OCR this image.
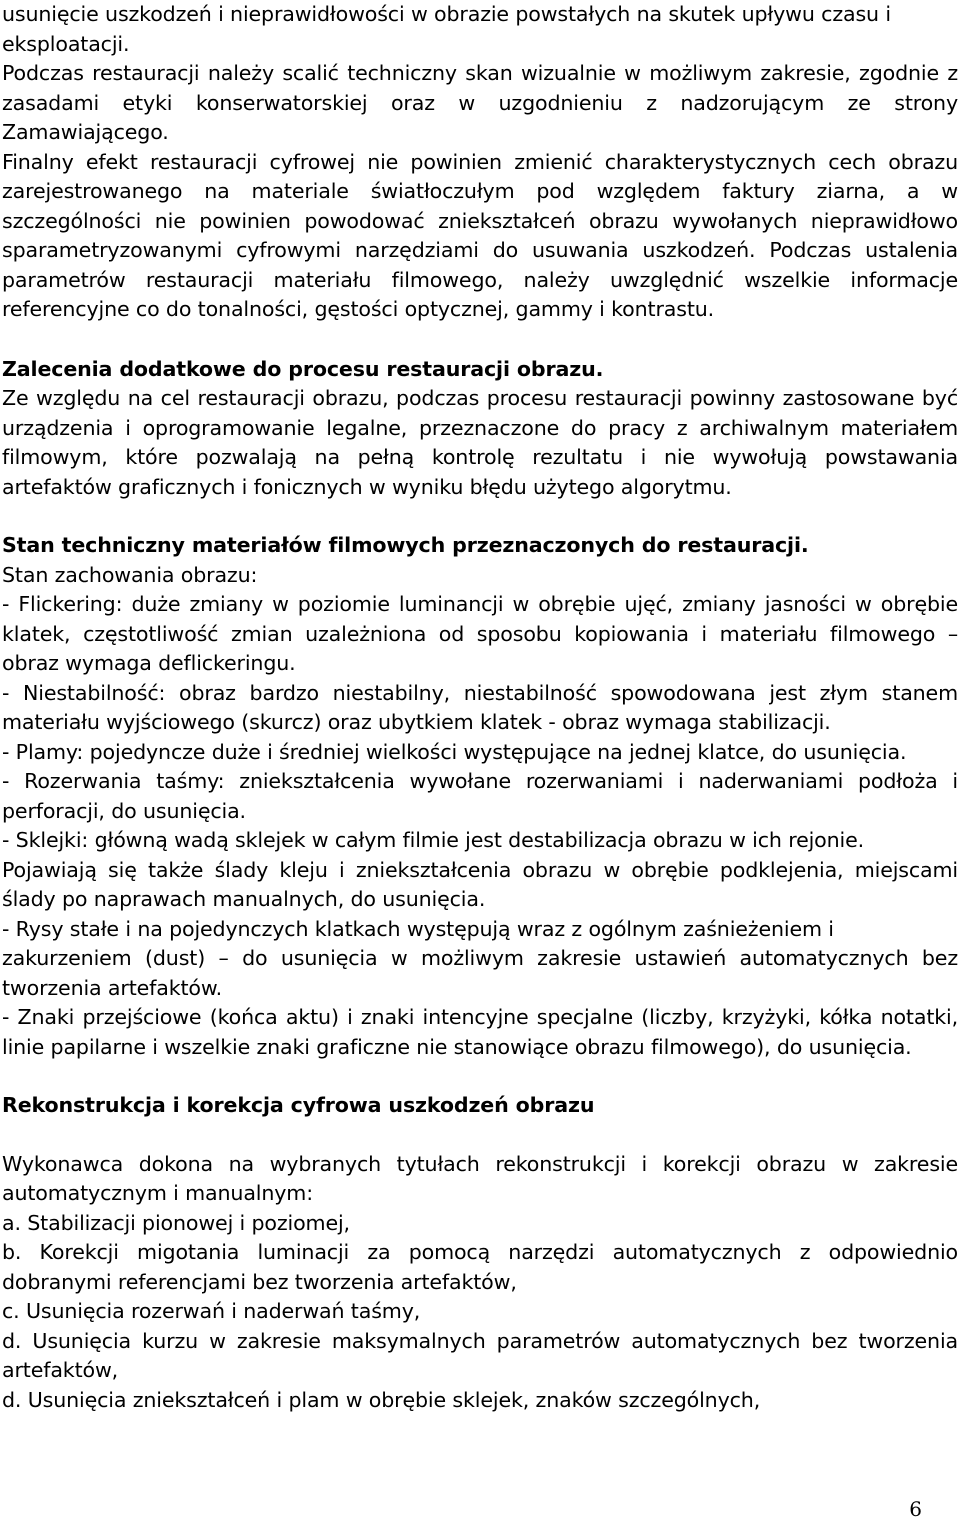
usunięcie uszkodzeń i nieprawidłowości w obrazie powstałych na skutek upływu czasu i eksploatacji.

Podczas restauracji należy scalić techniczny skan wizualnie w możliwym zakresie, zgodnie z zasadami etyki konserwatorskiej oraz w uzgodnieniu z nadzorującym ze strony Zamawiającego.

Finalny efekt restauracji cyfrowej nie powinien zmienić charakterystycznych cech obrazu zarejestrowanego na materiale światłoczułym pod względem faktury ziarna, a w szczególności nie powinien powodować zniekształceń obrazu wywołanych nieprawidłowo sparametryzowanymi cyfrowymi narzędziami do usuwania uszkodzeń. Podczas ustalenia parametrów restauracji materiału filmowego, należy uwzględnić wszelkie informacje referencyjne co do tonalności, gęstości optycznej, gammy i kontrastu.

Zalecenia dodatkowe do procesu restauracji obrazu.

Ze względu na cel restauracji obrazu, podczas procesu restauracji powinny zastosowane być urządzenia i oprogramowanie legalne, przeznaczone do pracy z archiwalnym materiałem filmowym, które pozwalają na pełną kontrolę rezultatu i nie wywołują powstawania artefaktów graficznych i fonicznych w wyniku błędu użytego algorytmu.

Stan techniczny materiałów filmowych przeznaczonych do restauracji.

Stan zachowania obrazu:

- Flickering: duże zmiany w poziomie luminancji w obrębie ujęć, zmiany jasności w obrębie klatek, częstotliwość zmian uzależniona od sposobu kopiowania i materiału filmowego – obraz wymaga deflickeringu.

- Niestabilność: obraz bardzo niestabilny, niestabilność spowodowana jest złym stanem materiału wyjściowego (skurcz) oraz ubytkiem klatek - obraz wymaga stabilizacji.

- Plamy: pojedyncze duże i średniej wielkości występujące na jednej klatce, do usunięcia.

- Rozerwania taśmy: zniekształcenia wywołane rozerwaniami i naderwaniami podłoża i perforacji, do usunięcia.

- Sklejki: główną wadą sklejek w całym filmie jest destabilizacja obrazu w ich rejonie.

Pojawiają się także ślady kleju i zniekształcenia obrazu w obrębie podklejenia, miejscami ślady po naprawach manualnych, do usunięcia.

- Rysy stałe i na pojedynczych klatkach występują wraz z ogólnym zaśnieżeniem i

zakurzeniem (dust) – do usunięcia w możliwym zakresie ustawień automatycznych bez tworzenia artefaktów.

- Znaki przejściowe (końca aktu) i znaki intencyjne specjalne (liczby, krzyżyki, kółka notatki, linie papilarne i wszelkie znaki graficzne nie stanowiące obrazu filmowego), do usunięcia.

Rekonstrukcja i korekcja cyfrowa uszkodzeń obrazu

Wykonawca dokona na wybranych tytułach rekonstrukcji i korekcji obrazu w zakresie automatycznym i manualnym:

a. Stabilizacji pionowej i poziomej,

b. Korekcji migotania luminacji za pomocą narzędzi automatycznych z odpowiednio dobranymi referencjami bez tworzenia artefaktów,

c. Usunięcia rozerwań i naderwań taśmy,

d. Usunięcia kurzu w zakresie maksymalnych parametrów automatycznych bez tworzenia artefaktów,

d. Usunięcia zniekształceń i plam w obrębie sklejek, znaków szczególnych,

6
